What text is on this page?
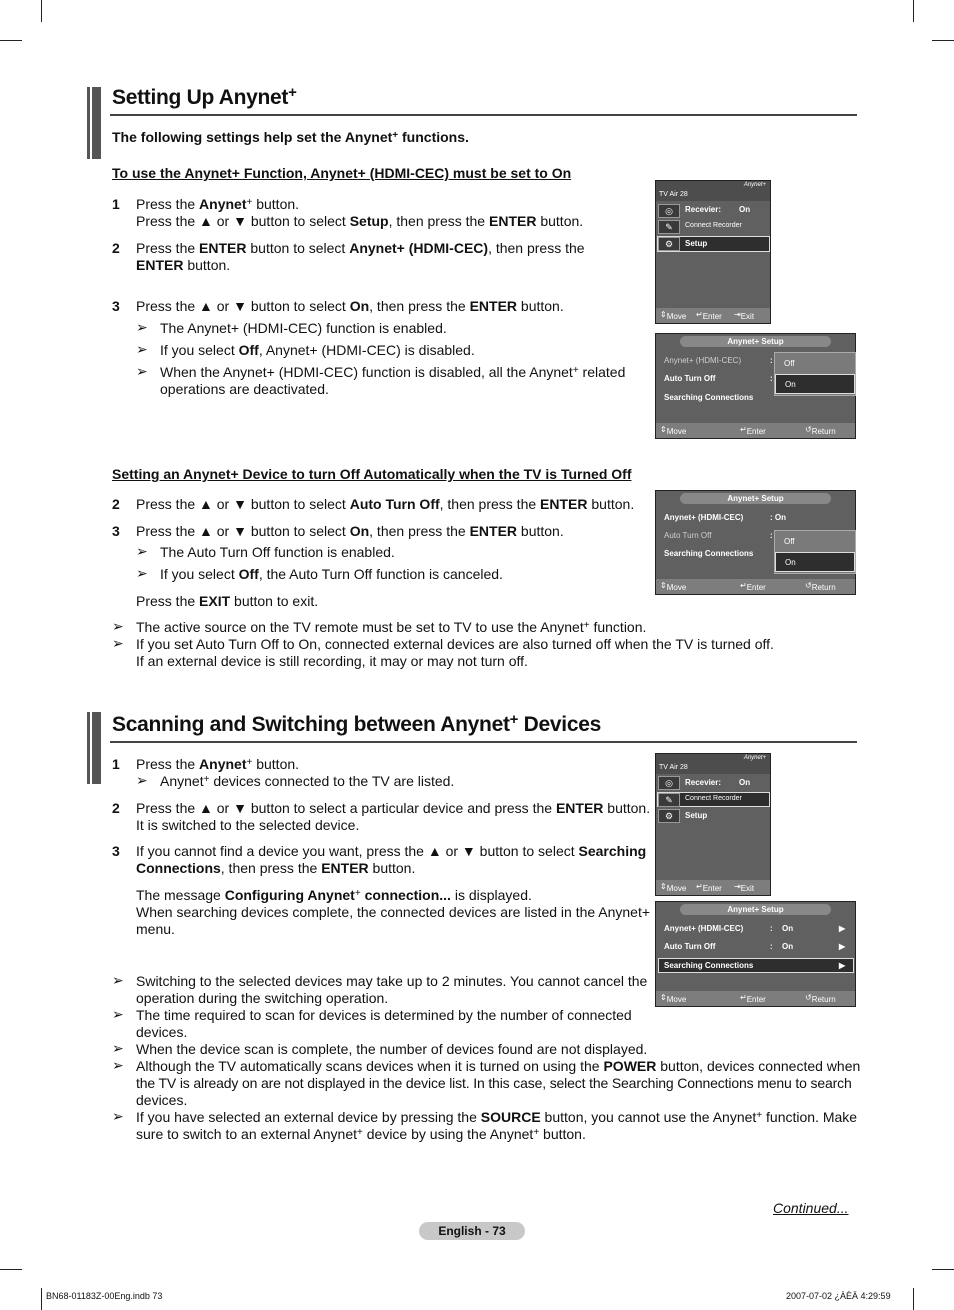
Setting Up Anynet+
The following settings help set the Anynet+ functions.
To use the Anynet+ Function, Anynet+ (HDMI-CEC) must be set to On
1 Press the Anynet+ button.
Press the ▲ or ▼ button to select Setup, then press the ENTER button.
2 Press the ENTER button to select Anynet+ (HDMI-CEC), then press the
ENTER button.
3 Press the ▲ or ▼ button to select On, then press the ENTER button.
➢ The Anynet+ (HDMI-CEC) function is enabled.
➢ If you select Off, Anynet+ (HDMI-CEC) is disabled.
➢ When the Anynet+ (HDMI-CEC) function is disabled, all the Anynet+ related
operations are deactivated.
Anynet+
TV Air 28
◎	Recevier: On
✎	Connect Recorder
⚙	Setup
⇕ Move ↵ Enter ⇥ Exit
Anynet+ Setup
Anynet+ (HDMI-CEC)	:
Auto Turn Off	:
Searching Connections
Off
On
⇕ Move	↵ Enter	↺ Return
Setting an Anynet+ Device to turn Off Automatically when the TV is Turned Off
2 Press the ▲ or ▼ button to select Auto Turn Off, then press the ENTER button.
3 Press the ▲ or ▼ button to select On, then press the ENTER button.
➢ The Auto Turn Off function is enabled.
➢ If you select Off, the Auto Turn Off function is canceled.
Press the EXIT button to exit.
➢ The active source on the TV remote must be set to TV to use the Anynet+ function.
➢ If you set Auto Turn Off to On, connected external devices are also turned off when the TV is turned off.
If an external device is still recording, it may or may not turn off.
Anynet+ Setup
Anynet+ (HDMI-CEC)	: On
Auto Turn Off	:
Searching Connections
Off
On
⇕ Move	↵ Enter	↺ Return
Scanning and Switching between Anynet+ Devices
1 Press the Anynet+ button.
➢ Anynet+ devices connected to the TV are listed.
2 Press the ▲ or ▼ button to select a particular device and press the ENTER button.
It is switched to the selected device.
3 If you cannot find a device you want, press the ▲ or ▼ button to select Searching
Connections, then press the ENTER button.
The message Configuring Anynet+ connection... is displayed.
When searching devices complete, the connected devices are listed in the Anynet+
menu.
➢ Switching to the selected devices may take up to 2 minutes. You cannot cancel the
operation during the switching operation.
➢ The time required to scan for devices is determined by the number of connected
devices.
➢ When the device scan is complete, the number of devices found are not displayed.
➢ Although the TV automatically scans devices when it is turned on using the POWER button, devices connected when
the TV is already on are not displayed in the device list. In this case, select the Searching Connections menu to search
devices.
➢ If you have selected an external device by pressing the SOURCE button, you cannot use the Anynet+ function. Make
sure to switch to an external Anynet+ device by using the Anynet+ button.
Anynet+
TV Air 28
◎	Recevier: On
✎	Connect Recorder
⚙	Setup
⇕ Move ↵ Enter ⇥ Exit
Anynet+ Setup
Anynet+ (HDMI-CEC)	: On	▶
Auto Turn Off	: On	▶
Searching Connections	▶
⇕ Move	↵ Enter	↺ Return
Continued...
English - 73
BN68-01183Z-00Eng.indb 73	2007-07-02 ¿ÀÈÄ 4:29:59
